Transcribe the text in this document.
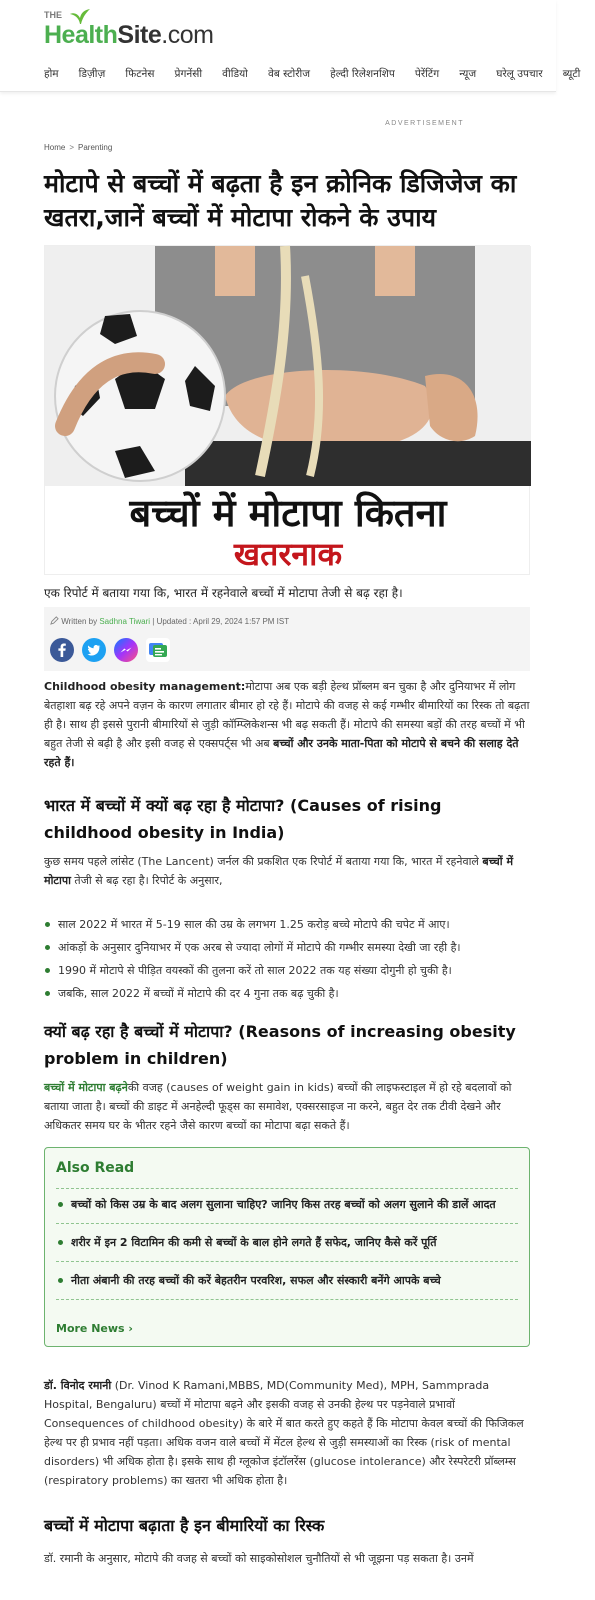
THE
HealthSite.com
होम डिज़ीज़ फिटनेस प्रेगनेंसी वीडियो वेब स्टोरीज हेल्दी रिलेशनशिप पेरेंटिंग न्यूज घरेलू उपचार ब्यूटी
ADVERTISEMENT
Home > Parenting
मोटापे से बच्चों में बढ़ता है इन क्रोनिक डिजिजेज का खतरा,जानें बच्चों में मोटापा रोकने के उपाय
बच्चों में मोटापा कितना
खतरनाक

एक रिपोर्ट में बताया गया कि, भारत में रहनेवाले बच्चों में मोटापा तेजी से बढ़ रहा है।

Written by Sadhna Tiwari | Updated : April 29, 2024 1:57 PM IST

Childhood obesity management:मोटापा अब एक बड़ी हेल्थ प्रॉब्लम बन चुका है और दुनियाभर में लोग बेतहाशा बढ़ रहे अपने वज़न के कारण लगातार बीमार हो रहे हैं। मोटापे की वजह से कई गम्भीर बीमारियों का रिस्क तो बढ़ता ही है। साथ ही इससे पुरानी बीमारियों से जुड़ी कॉम्प्लिकेशन्स भी बढ़ सकती हैं। मोटापे की समस्या बड़ों की तरह बच्चों में भी बहुत तेजी से बढ़ी है और इसी वजह से एक्सपर्ट्स भी अब बच्चों और उनके माता-पिता को मोटापे से बचने की सलाह देते रहते हैं।

भारत में बच्चों में क्यों बढ़ रहा है मोटापा? (Causes of rising childhood obesity in India)

कुछ समय पहले लांसेट (The Lancent) जर्नल की प्रकशित एक रिपोर्ट में बताया गया कि, भारत में रहनेवाले बच्चों में मोटापा तेजी से बढ़ रहा है। रिपोर्ट के अनुसार,

साल 2022 में भारत में 5-19 साल की उम्र के लगभग 1.25 करोड़ बच्चे मोटापे की चपेट में आए।
आंकड़ों के अनुसार दुनियाभर में एक अरब से ज्यादा लोगों में मोटापे की गम्भीर समस्या देखी जा रही है।
1990 में मोटापे से पीड़ित वयस्कों की तुलना करें तो साल 2022 तक यह संख्या दोगुनी हो चुकी है।
जबकि, साल 2022 में बच्चों में मोटापे की दर 4 गुना तक बढ़ चुकी है।
क्यों बढ़ रहा है बच्चों में मोटापा? (Reasons of increasing obesity problem in children)

बच्चों में मोटापा बढ़नेकी वजह (causes of weight gain in kids) बच्चों की लाइफस्टाइल में हो रहे बदलावों को बताया जाता है। बच्चों की डाइट में अनहेल्दी फूड्स का समावेश, एक्सरसाइज ना करने, बहुत देर तक टीवी देखने और अधिकतर समय घर के भीतर रहने जैसे कारण बच्चों का मोटापा बढ़ा सकते हैं।

Also Read
बच्चों को किस उम्र के बाद अलग सुलाना चाहिए? जानिए किस तरह बच्चों को अलग सुलाने की डालें आदत
शरीर में इन 2 विटामिन की कमी से बच्चों के बाल होने लगते हैं सफेद, जानिए कैसे करें पूर्ति
नीता अंबानी की तरह बच्चों की करें बेहतरीन परवरिश, सफल और संस्कारी बनेंगे आपके बच्चे
More News ›

डॉ. विनोद रमानी (Dr. Vinod K Ramani,MBBS, MD(Community Med), MPH, Sammprada Hospital, Bengaluru) बच्चों में मोटापा बढ़ने और इसकी वजह से उनकी हेल्थ पर पड़नेवाले प्रभावों Consequences of childhood obesity) के बारे में बात करते हुए कहते हैं कि मोटापा केवल बच्चों की फिजिकल हेल्थ पर ही प्रभाव नहीं पड़ता। अधिक वजन वाले बच्चों में मेंटल हेल्थ से जुड़ी समस्याओं का रिस्क (risk of mental disorders) भी अधिक होता है। इसके साथ ही ग्लूकोज इंटॉलरेंस (glucose intolerance) और रेस्परेटरी प्रॉब्लम्स (respiratory problems) का खतरा भी अधिक होता है।

बच्चों में मोटापा बढ़ाता है इन बीमारियों का रिस्क

डॉ. रमानी के अनुसार, मोटापे की वजह से बच्चों को साइकोसोशल चुनौतियों से भी जूझना पड़ सकता है। उनमें
